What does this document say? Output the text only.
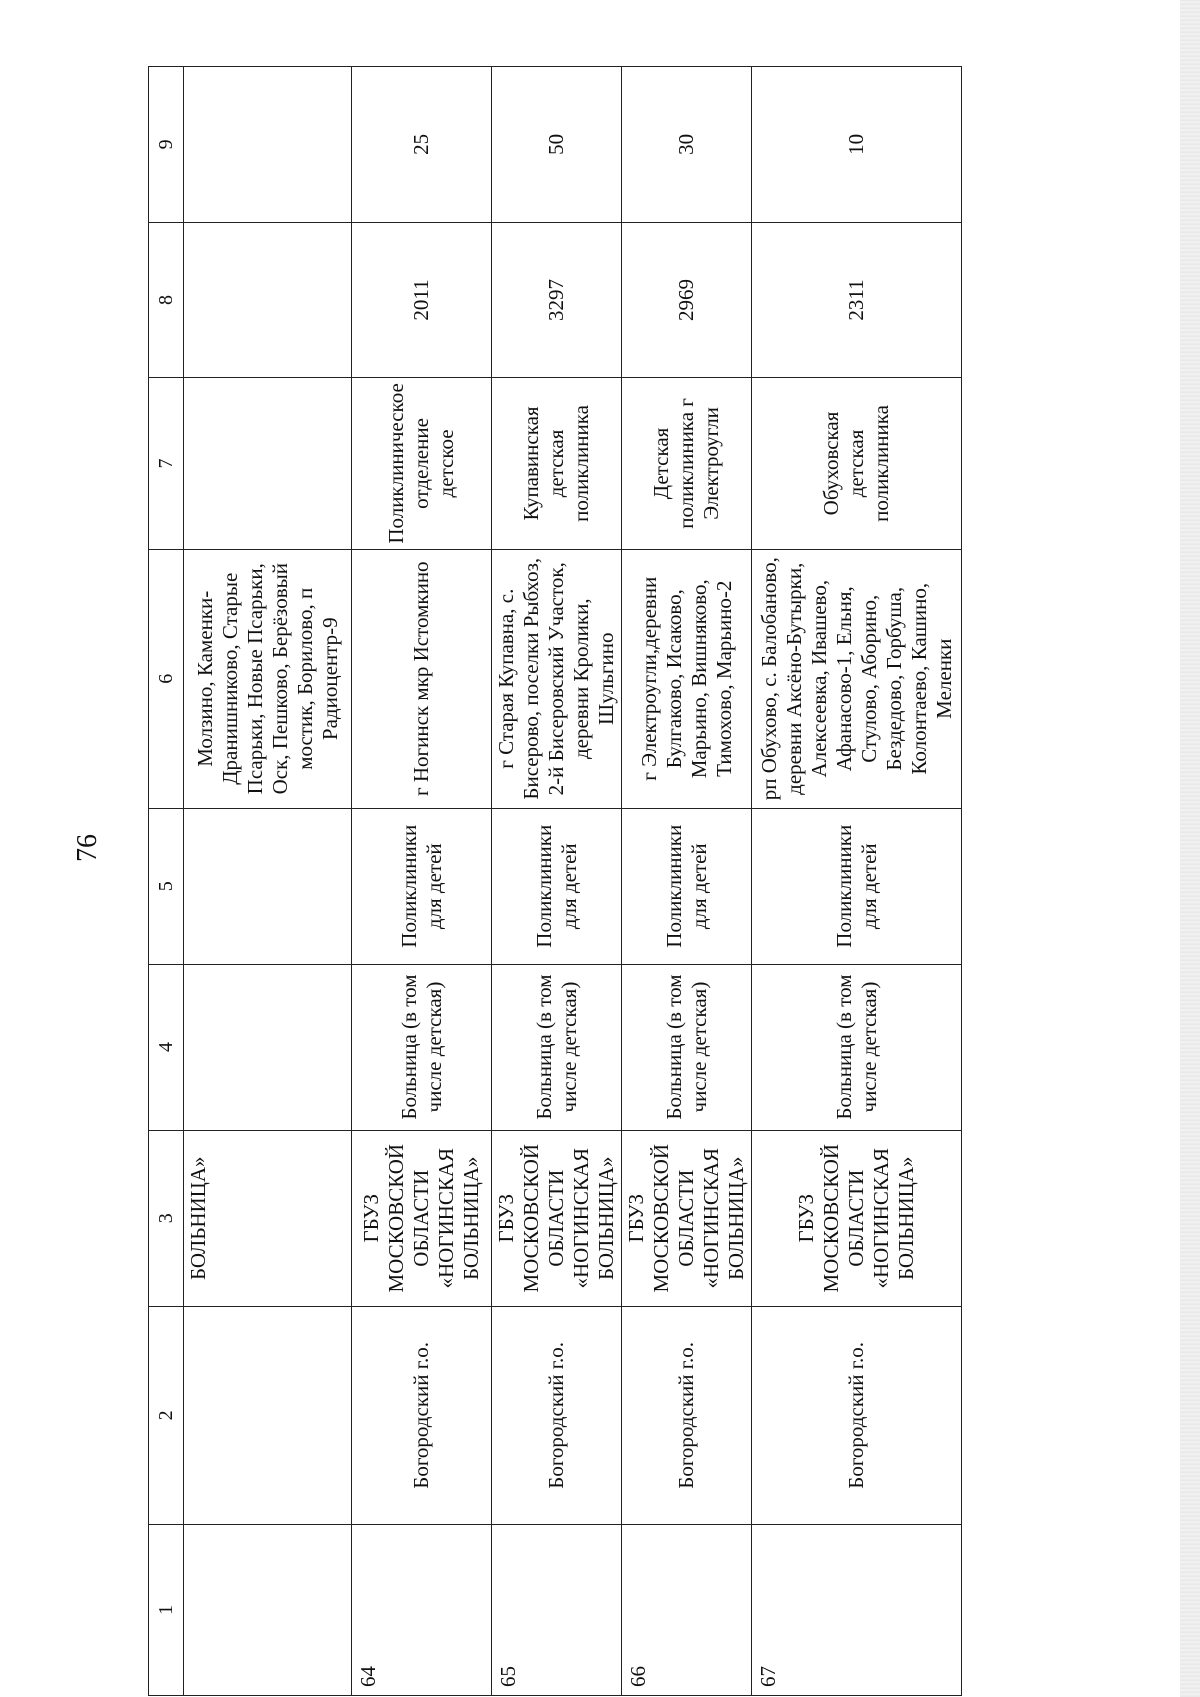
76
1	2	3	4	5	6	7	8	9
		БОЛЬНИЦА»			Молзино, Каменки-Дранишниково, Старые Псарьки, Новые Псарьки, Оск, Пешково, Берёзовый мостик, Борилово, п Радиоцентр-9			
64	Богородский г.о.	ГБУЗ МОСКОВСКОЙ ОБЛАСТИ «НОГИНСКАЯ БОЛЬНИЦА»	Больница (в том числе детская)	Поликлиники для детей	г Ногинск мкр Истомкино	Поликлиническое отделение детское	2011	25
65	Богородский г.о.	ГБУЗ МОСКОВСКОЙ ОБЛАСТИ «НОГИНСКАЯ БОЛЬНИЦА»	Больница (в том числе детская)	Поликлиники для детей	г Старая Купавна, с. Бисерово, поселки Рыбхоз, 2-й Бисеровский Участок, деревни Кролики, Шульгино	Купавинская детская поликлиника	3297	50
66	Богородский г.о.	ГБУЗ МОСКОВСКОЙ ОБЛАСТИ «НОГИНСКАЯ БОЛЬНИЦА»	Больница (в том числе детская)	Поликлиники для детей	г Электроугли,деревни Булгаково, Исаково, Марьино, Вишняково, Тимохово, Марьино-2	Детская поликлиника г Электроугли	2969	30
67	Богородский г.о.	ГБУЗ МОСКОВСКОЙ ОБЛАСТИ «НОГИНСКАЯ БОЛЬНИЦА»	Больница (в том числе детская)	Поликлиники для детей	рп Обухово, с. Балобаново, деревни Аксёно-Бутырки, Алексеевка, Ивашево, Афанасово-1, Ельня, Стулово, Аборино, Бездедово, Горбуша, Колонтаево, Кашино, Меленки	Обуховская детская поликлиника	2311	10
